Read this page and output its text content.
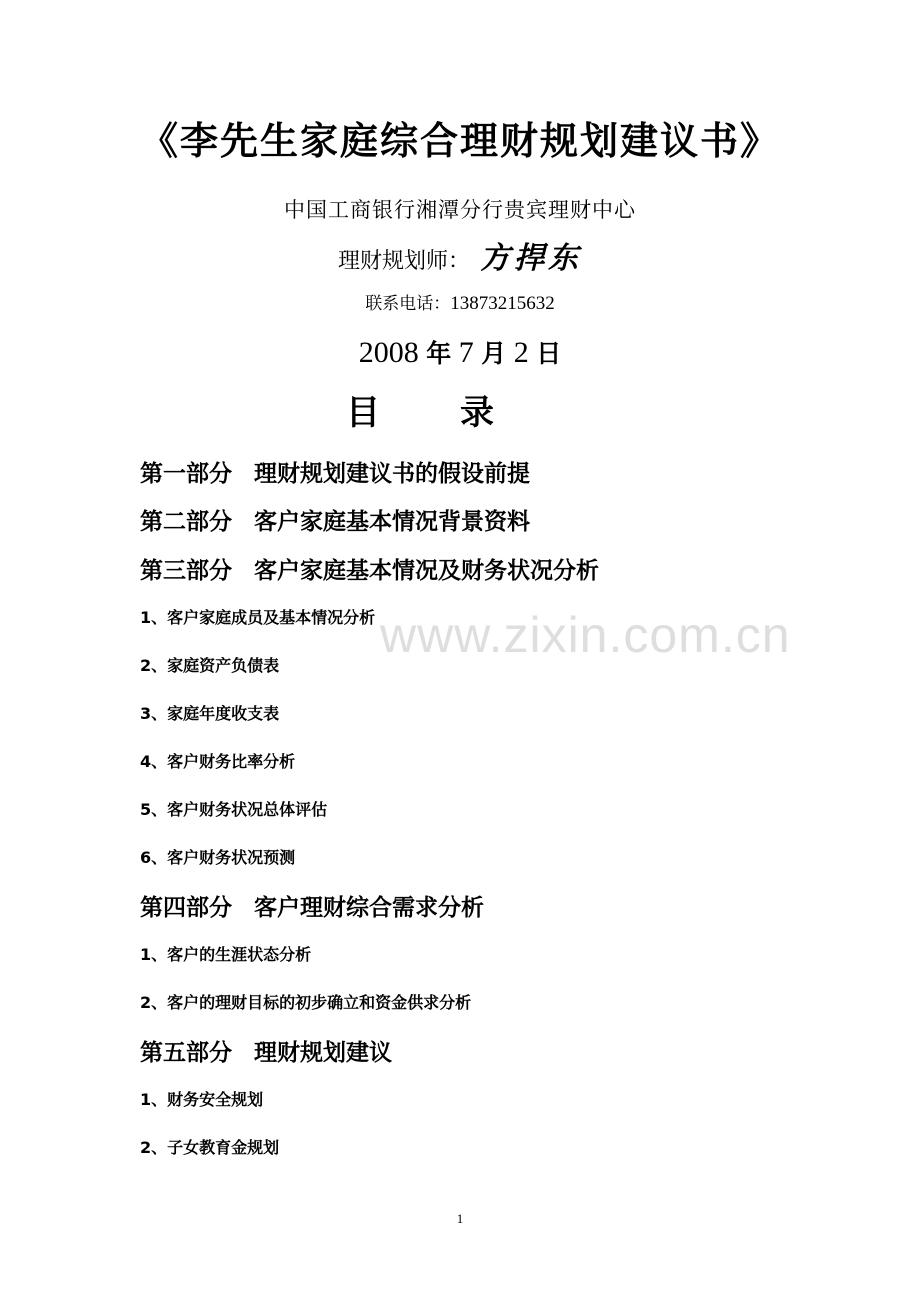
《李先生家庭综合理财规划建议书》
中国工商银行湘潭分行贵宾理财中心
理财规划师： 方捍东
联系电话：13873215632
2008 年 7 月 2 日
目 录
第一部分 理财规划建议书的假设前提
第二部分 客户家庭基本情况背景资料
第三部分 客户家庭基本情况及财务状况分析
1、客户家庭成员及基本情况分析
2、家庭资产负债表
3、家庭年度收支表
4、客户财务比率分析
5、客户财务状况总体评估
6、客户财务状况预测
第四部分 客户理财综合需求分析
1、客户的生涯状态分析
2、客户的理财目标的初步确立和资金供求分析
第五部分 理财规划建议
1、财务安全规划
2、子女教育金规划
www.zixin.com.cn
1
